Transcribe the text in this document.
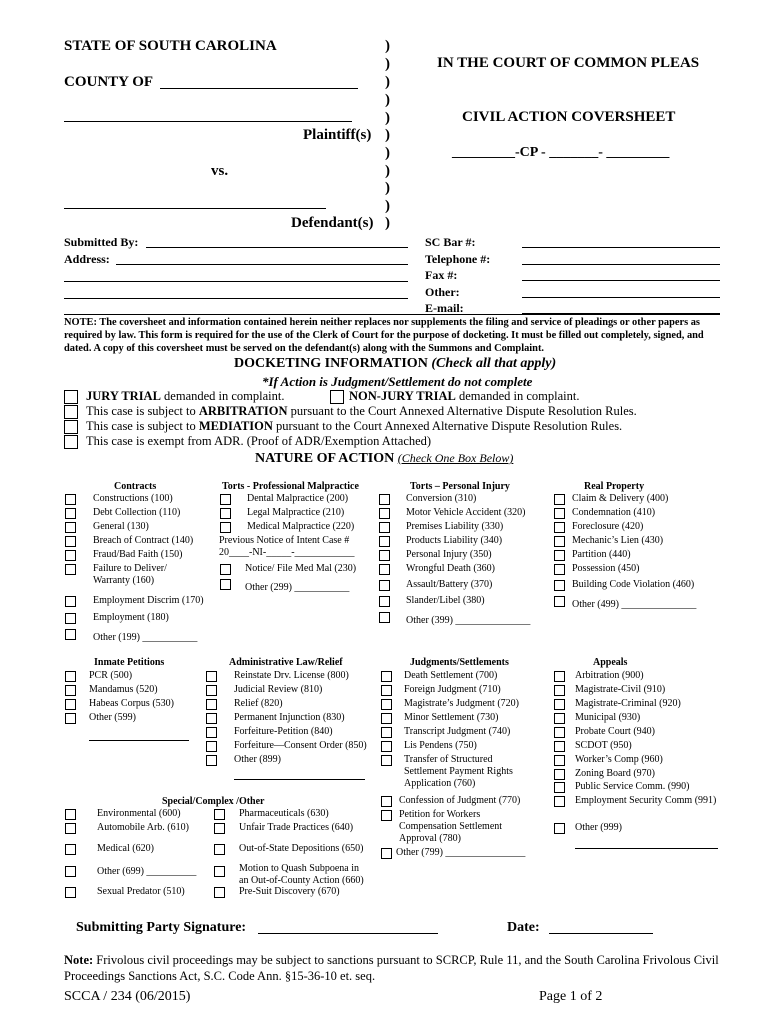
STATE OF SOUTH CAROLINA
COUNTY OF
Plaintiff(s)
vs.
Defendant(s)
)
)
)
)
)
)
)
)
)
)
)
IN THE COURT OF COMMON PLEAS
CIVIL ACTION COVERSHEET
_________-CP - _______- _________
Submitted By:
Address:
SC Bar #:
Telephone #:
Fax #:
Other:
E-mail:
NOTE: The coversheet and information contained herein neither replaces nor supplements the filing and service of pleadings or other papers as required by law. This form is required for the use of the Clerk of Court for the purpose of docketing. It must be filled out completely, signed, and dated. A copy of this coversheet must be served on the defendant(s) along with the Summons and Complaint.
DOCKETING INFORMATION (Check all that apply)
*If Action is Judgment/Settlement do not complete
JURY TRIAL demanded in complaint.	NON-JURY TRIAL demanded in complaint.
This case is subject to ARBITRATION pursuant to the Court Annexed Alternative Dispute Resolution Rules.
This case is subject to MEDIATION pursuant to the Court Annexed Alternative Dispute Resolution Rules.
This case is exempt from ADR. (Proof of ADR/Exemption Attached)
NATURE OF ACTION (Check One Box Below)
Contracts
Constructions (100)
Debt Collection (110)
General (130)
Breach of Contract (140)
Fraud/Bad Faith (150)
Failure to Deliver/
Warranty (160)
Employment Discrim (170)
Employment (180)
Other (199) ___________
Torts - Professional Malpractice
Dental Malpractice (200)
Legal Malpractice (210)
Medical Malpractice (220)
Previous Notice of Intent Case #
20____-NI-_____-____________
Notice/ File Med Mal (230)
Other (299) ___________
Torts – Personal Injury
Conversion (310)
Motor Vehicle Accident (320)
Premises Liability (330)
Products Liability (340)
Personal Injury (350)
Wrongful Death (360)
Assault/Battery (370)
Slander/Libel (380)
Other (399) _______________
Real Property
Claim & Delivery (400)
Condemnation (410)
Foreclosure (420)
Mechanic’s Lien (430)
Partition (440)
Possession (450)
Building Code Violation (460)
Other (499) _______________
Inmate Petitions
PCR (500)
Mandamus (520)
Habeas Corpus (530)
Other (599)
Administrative Law/Relief
Reinstate Drv. License (800)
Judicial Review (810)
Relief (820)
Permanent Injunction (830)
Forfeiture-Petition (840)
Forfeiture—Consent Order (850)
Other (899)
Judgments/Settlements
Death Settlement (700)
Foreign Judgment (710)
Magistrate’s Judgment (720)
Minor Settlement (730)
Transcript Judgment (740)
Lis Pendens (750)
Transfer of Structured
Settlement Payment Rights
Application (760)
Confession of Judgment (770)
Petition for Workers
Compensation Settlement
Approval (780)
Other (799) ________________
Appeals
Arbitration (900)
Magistrate-Civil (910)
Magistrate-Criminal (920)
Municipal (930)
Probate Court (940)
SCDOT (950)
Worker’s Comp (960)
Zoning Board (970)
Public Service Comm. (990)
Employment Security Comm (991)
Other (999)
Special/Complex /Other
Environmental (600)
Automobile Arb. (610)
Medical (620)
Other (699) __________
Sexual Predator (510)
Pharmaceuticals (630)
Unfair Trade Practices (640)
Out-of-State Depositions (650)
Motion to Quash Subpoena in
an Out-of-County Action (660)
Pre-Suit Discovery (670)
Submitting Party Signature:	Date:
Note: Frivolous civil proceedings may be subject to sanctions pursuant to SCRCP, Rule 11, and the South Carolina Frivolous Civil Proceedings Sanctions Act, S.C. Code Ann. §15-36-10 et. seq.
SCCA / 234 (06/2015)	Page 1 of 2
